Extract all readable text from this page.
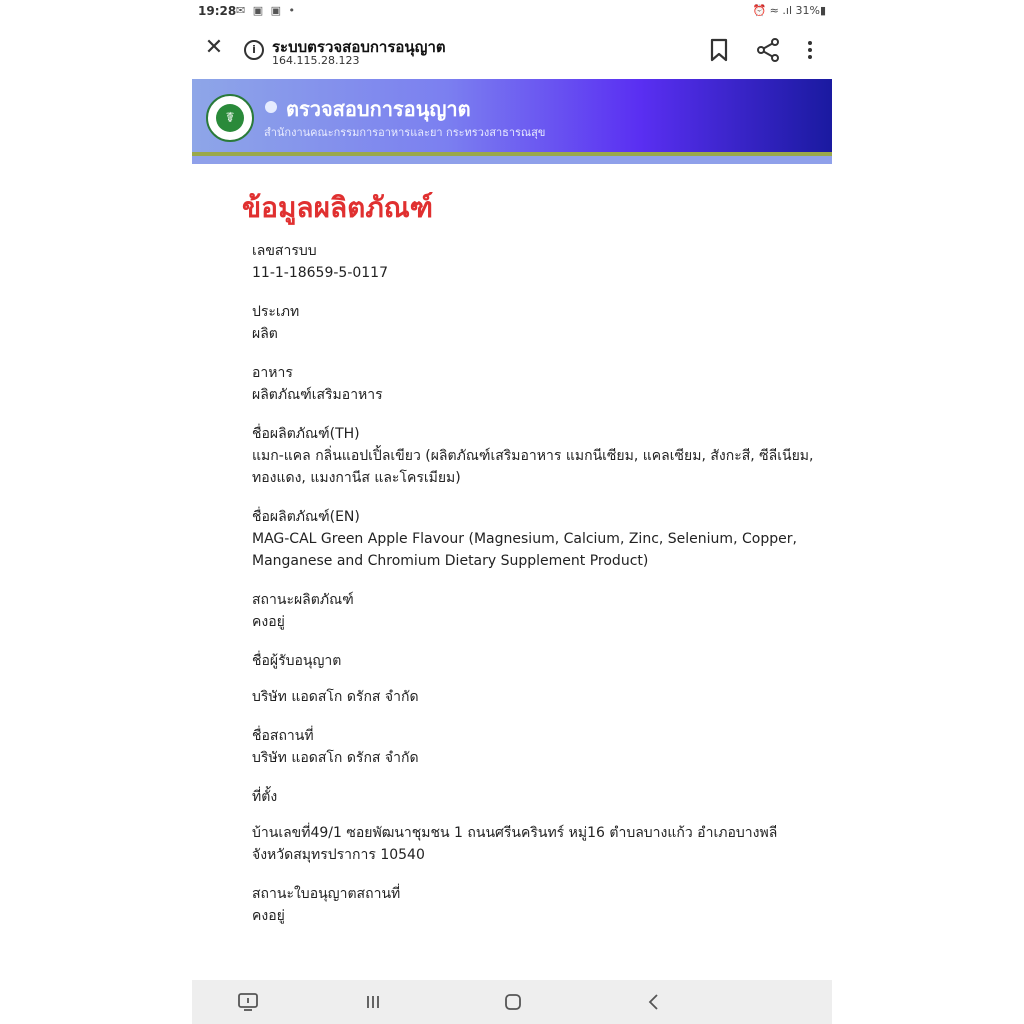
19:28 ✉ ▣ ▣ •	⏰ ≈ .ıl 31%▮
✕	i	ระบบตรวจสอบการอนุญาต
164.115.28.123
☤	ตรวจสอบการอนุญาต
สำนักงานคณะกรรมการอาหารและยา กระทรวงสาธารณสุข
ข้อมูลผลิตภัณฑ์
เลขสารบบ
11-1-18659-5-0117
ประเภท
ผลิต
อาหาร
ผลิตภัณฑ์เสริมอาหาร
ชื่อผลิตภัณฑ์(TH)
แมก-แคล กลิ่นแอปเปิ้ลเขียว (ผลิตภัณฑ์เสริมอาหาร แมกนีเซียม, แคลเซียม, สังกะสี, ซีลีเนียม, ทองแดง, แมงกานีส และโครเมียม)
ชื่อผลิตภัณฑ์(EN)
MAG-CAL Green Apple Flavour (Magnesium, Calcium, Zinc, Selenium, Copper, Manganese and Chromium Dietary Supplement Product)
สถานะผลิตภัณฑ์
คงอยู่
ชื่อผู้รับอนุญาต
บริษัท แอดสโก ดรักส จำกัด
ชื่อสถานที่
บริษัท แอดสโก ดรักส จำกัด
ที่ตั้ง
บ้านเลขที่49/1 ซอยพัฒนาชุมชน 1 ถนนศรีนครินทร์ หมู่16 ตำบลบางแก้ว อำเภอบางพลี จังหวัดสมุทรปราการ 10540
สถานะใบอนุญาตสถานที่
คงอยู่
